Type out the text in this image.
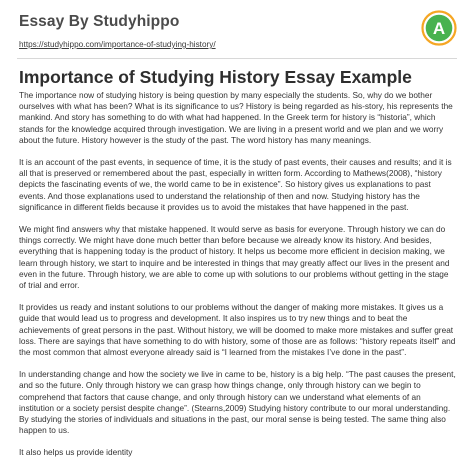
Essay By Studyhippo
https://studyhippo.com/importance-of-studying-history/
A
Importance of Studying History Essay Example

The importance now of studying history is being question by many especially the students. So, why do we bother ourselves with what has been? What is its significance to us? History is being regarded as his-story, his represents the mankind. And story has something to do with what had happened. In the Greek term for history is “historia”, which stands for the knowledge acquired through investigation. We are living in a present world and we plan and we worry about the future. History however is the study of the past. The word history has many meanings.

It is an account of the past events, in sequence of time, it is the study of past events, their causes and results; and it is all that is preserved or remembered about the past, especially in written form. According to Mathews(2008), “history depicts the fascinating events of we, the world came to be in existence”. So history gives us explanations to past events. And those explanations used to understand the relationship of then and now. Studying history has the significance in different fields because it provides us to avoid the mistakes that have happened in the past.

We might find answers why that mistake happened. It would serve as basis for everyone. Through history we can do things correctly. We might have done much better than before because we already know its history. And besides, everything that is happening today is the product of history. It helps us become more efficient in decision making, we learn through history, we start to inquire and be interested in things that may greatly affect our lives in the present and even in the future. Through history, we are able to come up with solutions to our problems without getting in the stage of trial and error.

It provides us ready and instant solutions to our problems without the danger of making more mistakes. It gives us a guide that would lead us to progress and development. It also inspires us to try new things and to beat the achievements of great persons in the past. Without history, we will be doomed to make more mistakes and suffer great loss. There are sayings that have something to do with history, some of those are as follows: “history repeats itself” and the most common that almost everyone already said is “I learned from the mistakes I’ve done in the past”.

In understanding change and how the society we live in came to be, history is a big help. “The past causes the present, and so the future. Only through history we can grasp how things change, only through history can we begin to comprehend that factors that cause change, and only through history can we understand what elements of an institution or a society persist despite change”. (Stearns,2009) Studying history contribute to our moral understanding. By studying the stories of individuals and situations in the past, our moral sense is being tested. The same thing also happen to us.

It also helps us provide identity
